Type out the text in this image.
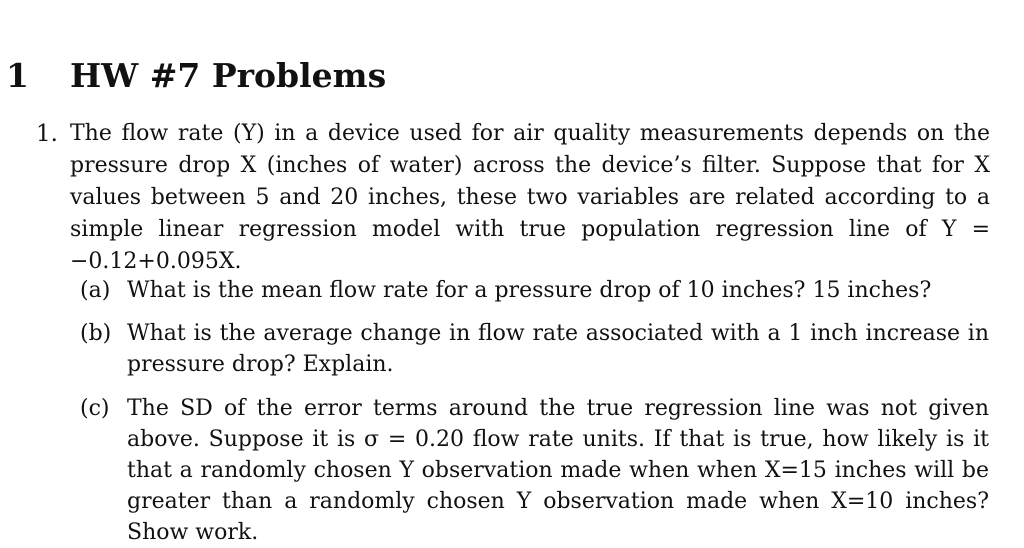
1 HW #7 Problems
1. The flow rate (Y) in a device used for air quality measurements depends on the pressure drop X (inches of water) across the device’s filter. Suppose that for X values between 5 and 20 inches, these two variables are related according to a simple linear regression model with true population regression line of Y = −0.12+0.095X.
(a) What is the mean flow rate for a pressure drop of 10 inches? 15 inches?
(b) What is the average change in flow rate associated with a 1 inch increase in pressure drop? Explain.
(c) The SD of the error terms around the true regression line was not given above. Suppose it is σ = 0.20 flow rate units. If that is true, how likely is it that a randomly chosen Y observation made when when X=15 inches will be greater than a randomly chosen Y observation made when X=10 inches? Show work.
